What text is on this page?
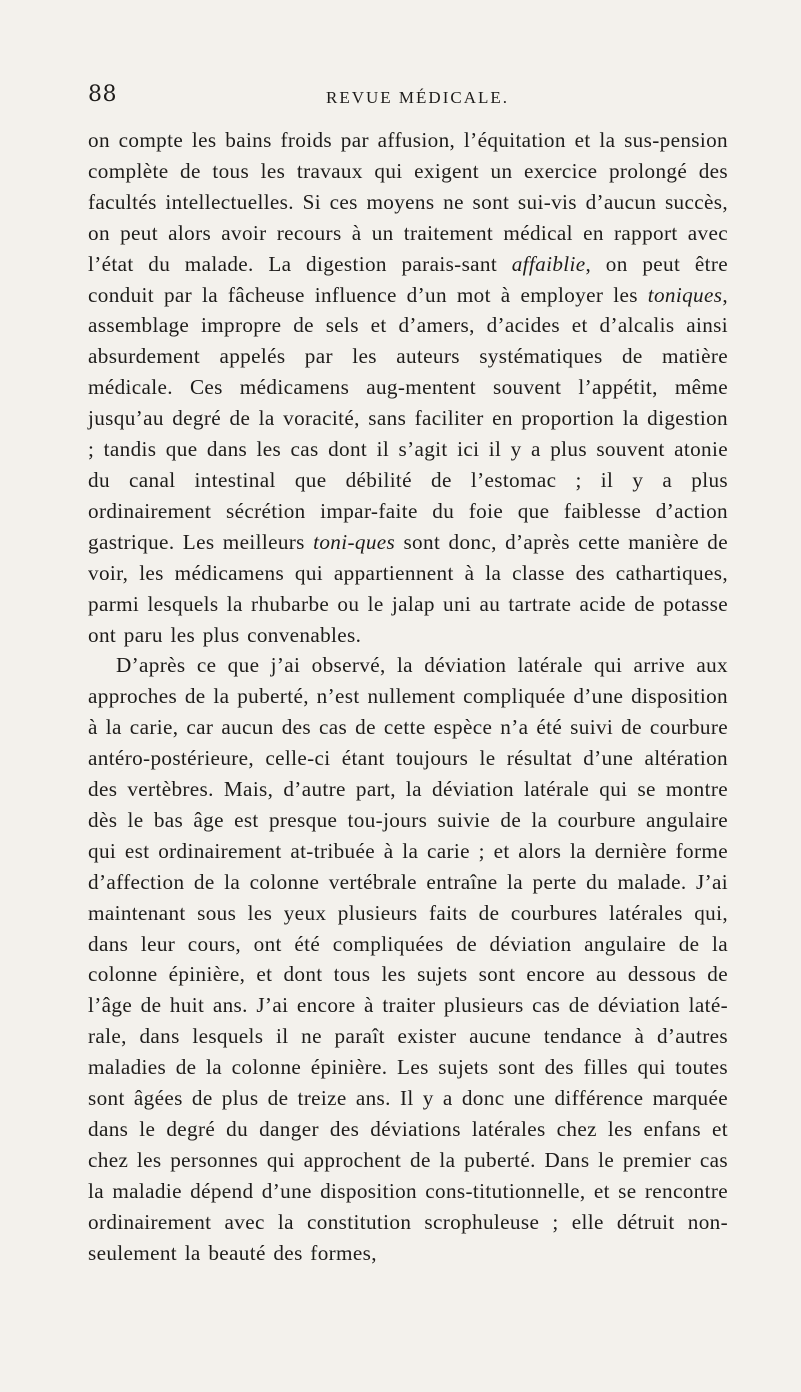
88	REVUE MÉDICALE.

on compte les bains froids par affusion, l’équitation et la sus-pension complète de tous les travaux qui exigent un exercice prolongé des facultés intellectuelles. Si ces moyens ne sont sui-vis d’aucun succès, on peut alors avoir recours à un traitement médical en rapport avec l’état du malade. La digestion parais-sant affaiblie, on peut être conduit par la fâcheuse influence d’un mot à employer les toniques, assemblage impropre de sels et d’amers, d’acides et d’alcalis ainsi absurdement appelés par les auteurs systématiques de matière médicale. Ces médicamens aug-mentent souvent l’appétit, même jusqu’au degré de la voracité, sans faciliter en proportion la digestion ; tandis que dans les cas dont il s’agit ici il y a plus souvent atonie du canal intestinal que débilité de l’estomac ; il y a plus ordinairement sécrétion impar-faite du foie que faiblesse d’action gastrique. Les meilleurs toni-ques sont donc, d’après cette manière de voir, les médicamens qui appartiennent à la classe des cathartiques, parmi lesquels la rhubarbe ou le jalap uni au tartrate acide de potasse ont paru les plus convenables.

D’après ce que j’ai observé, la déviation latérale qui arrive aux approches de la puberté, n’est nullement compliquée d’une disposition à la carie, car aucun des cas de cette espèce n’a été suivi de courbure antéro-postérieure, celle-ci étant toujours le résultat d’une altération des vertèbres. Mais, d’autre part, la déviation latérale qui se montre dès le bas âge est presque tou-jours suivie de la courbure angulaire qui est ordinairement at-tribuée à la carie ; et alors la dernière forme d’affection de la colonne vertébrale entraîne la perte du malade. J’ai maintenant sous les yeux plusieurs faits de courbures latérales qui, dans leur cours, ont été compliquées de déviation angulaire de la colonne épinière, et dont tous les sujets sont encore au dessous de l’âge de huit ans. J’ai encore à traiter plusieurs cas de déviation laté-rale, dans lesquels il ne paraît exister aucune tendance à d’autres maladies de la colonne épinière. Les sujets sont des filles qui toutes sont âgées de plus de treize ans. Il y a donc une différence marquée dans le degré du danger des déviations latérales chez les enfans et chez les personnes qui approchent de la puberté. Dans le premier cas la maladie dépend d’une disposition cons-titutionnelle, et se rencontre ordinairement avec la constitution scrophuleuse ; elle détruit non-seulement la beauté des formes,
